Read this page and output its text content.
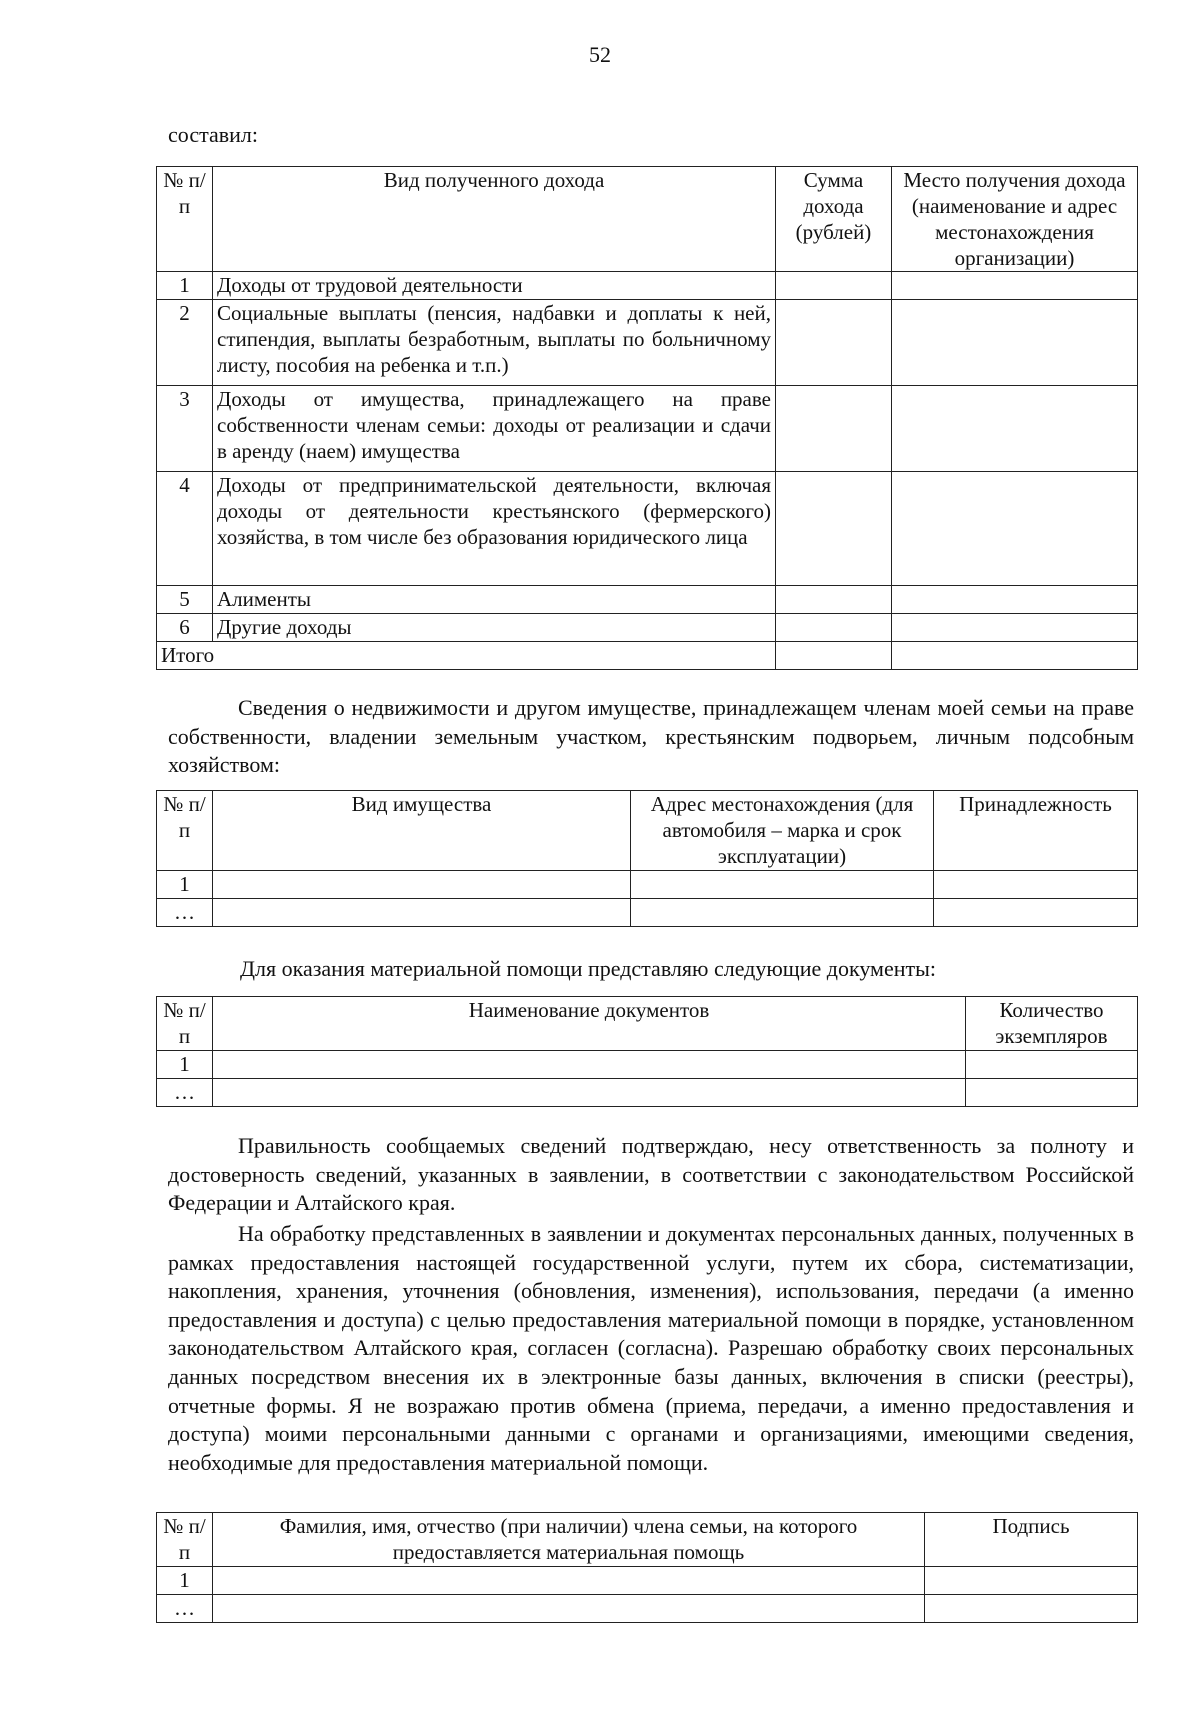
52
составил:
№ п/п	Вид полученного дохода	Сумма дохода (рублей)	Место получения дохода (наименование и адрес местонахождения организации)
1	Доходы от трудовой деятельности		
2	Социальные выплаты (пенсия, надбавки и доплаты к ней, стипендия, выплаты безработным, выплаты по больничному листу, пособия на ребенка и т.п.)		
3	Доходы от имущества, принадлежащего на праве собственности членам семьи: доходы от реализации и сдачи в аренду (наем) имущества		
4	Доходы от предпринимательской деятельности, включая доходы от деятельности крестьянского (фермерского) хозяйства, в том числе без образования юридического лица		
5	Алименты		
6	Другие доходы		
Итого			
Сведения о недвижимости и другом имуществе, принадлежащем членам моей семьи на праве собственности, владении земельным участком, крестьянским подворьем, личным подсобным хозяйством:
№ п/п	Вид имущества	Адрес местонахождения (для автомобиля – марка и срок эксплуатации)	Принадлежность
1			
…			
Для оказания материальной помощи представляю следующие документы:
№ п/п	Наименование документов	Количество экземпляров
1		
…		
Правильность сообщаемых сведений подтверждаю, несу ответственность за полноту и достоверность сведений, указанных в заявлении, в соответствии с законодательством Российской Федерации и Алтайского края.
На обработку представленных в заявлении и документах персональных данных, полученных в рамках предоставления настоящей государственной услуги, путем их сбора, систематизации, накопления, хранения, уточнения (обновления, изменения), использования, передачи (а именно предоставления и доступа) с целью предоставления материальной помощи в порядке, установленном законодательством Алтайского края, согласен (согласна). Разрешаю обработку своих персональных данных посредством внесения их в электронные базы данных, включения в списки (реестры), отчетные формы. Я не возражаю против обмена (приема, передачи, а именно предоставления и доступа) моими персональными данными с органами и организациями, имеющими сведения, необходимые для предоставления материальной помощи.
№ п/п	Фамилия, имя, отчество (при наличии) члена семьи, на которого предоставляется материальная помощь	Подпись
1		
…		
